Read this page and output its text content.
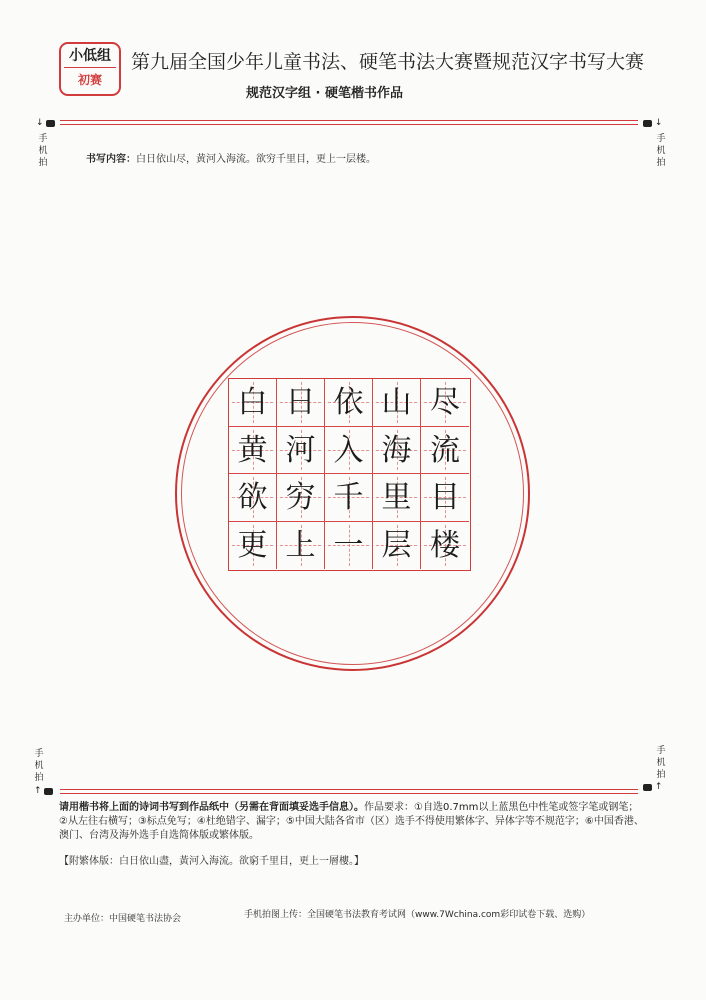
小低组
初赛
第九届全国少年儿童书法、硬笔书法大赛暨规范汉字书写大赛
规范汉字组 · 硬笔楷书作品
↓	↓
手机拍
手机拍
书写内容：白日依山尽，黄河入海流。欲穷千里目，更上一层楼。
白 日 依 山 尽
黄 河 入 海 流
欲 穷 千 里 目
更 上 一 层 楼
手机拍
手机拍
↑	↑
请用楷书将上面的诗词书写到作品纸中（另需在背面填妥选手信息）。作品要求：①自选0.7mm以上蓝黑色中性笔或签字笔或钢笔；②从左往右横写；③标点免写；④杜绝错字、漏字；⑤中国大陆各省市（区）选手不得使用繁体字、异体字等不规范字；⑥中国香港、澳门、台湾及海外选手自选简体版或繁体版。
【附繁体版：白日依山盡，黃河入海流。欲窮千里目，更上一層樓。】
主办单位：中国硬笔书法协会	手机拍图上传：全国硬笔书法教育考试网（www.7Wchina.com彩印试卷下载、选购）
